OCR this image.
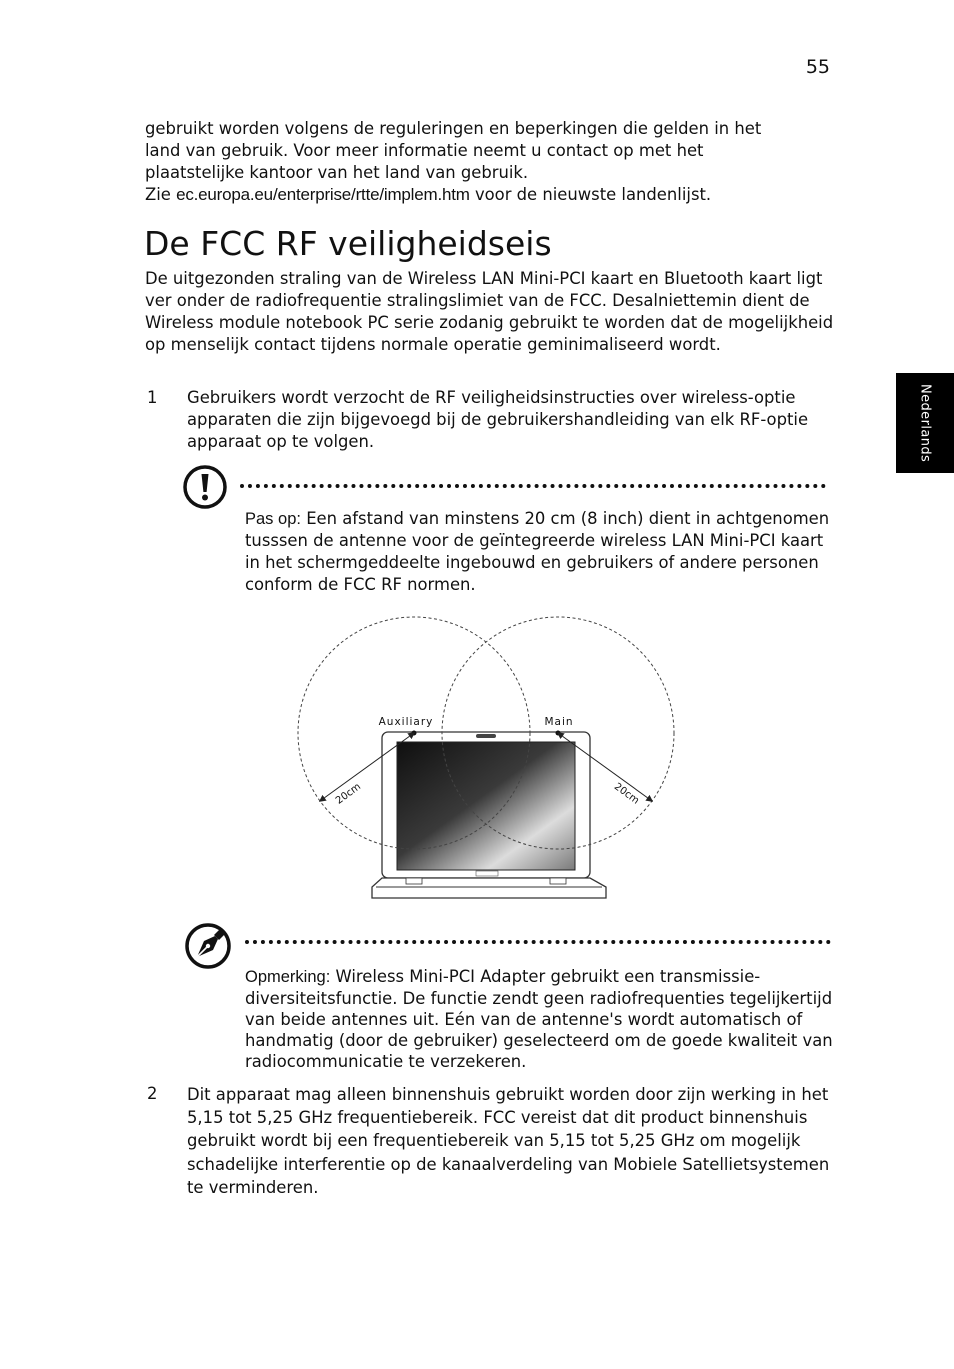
55
Nederlands
gebruikt worden volgens de reguleringen en beperkingen die gelden in het
land van gebruik. Voor meer informatie neemt u contact op met het
plaatstelijke kantoor van het land van gebruik.
Zie ec.europa.eu/enterprise/rtte/implem.htm voor de nieuwste landenlijst.
De FCC RF veiligheidseis

De uitgezonden straling van de Wireless LAN Mini-PCI kaart en Bluetooth kaart ligt ver onder de radiofrequentie stralingslimiet van de FCC. Desalniettemin dient de Wireless module notebook PC serie zodanig gebruikt te worden dat de mogelijkheid op menselijk contact tijdens normale operatie geminimaliseerd wordt.

1 Gebruikers wordt verzocht de RF veiligheidsinstructies over wireless-optie apparaten die zijn bijgevoegd bij de gebruikershandleiding van elk RF-optie apparaat op te volgen.
Pas op: Een afstand van minstens 20 cm (8 inch) dient in achtgenomen tusssen de antenne voor de geïntegreerde wireless LAN Mini-PCI kaart in het schermgeddeelte ingebouwd en gebruikers of andere personen conform de FCC RF normen.
Auxiliary	Main
20cm	20cm
Opmerking: Wireless Mini-PCI Adapter gebruikt een transmissie-diversiteitsfunctie. De functie zendt geen radiofrequenties tegelijkertijd van beide antennes uit. Eén van de antenne's wordt automatisch of handmatig (door de gebruiker) geselecteerd om de goede kwaliteit van radiocommunicatie te verzekeren.
2 Dit apparaat mag alleen binnenshuis gebruikt worden door zijn werking in het 5,15 tot 5,25 GHz frequentiebereik. FCC vereist dat dit product binnenshuis gebruikt wordt bij een frequentiebereik van 5,15 tot 5,25 GHz om mogelijk schadelijke interferentie op de kanaalverdeling van Mobiele Satellietsystemen te verminderen.
